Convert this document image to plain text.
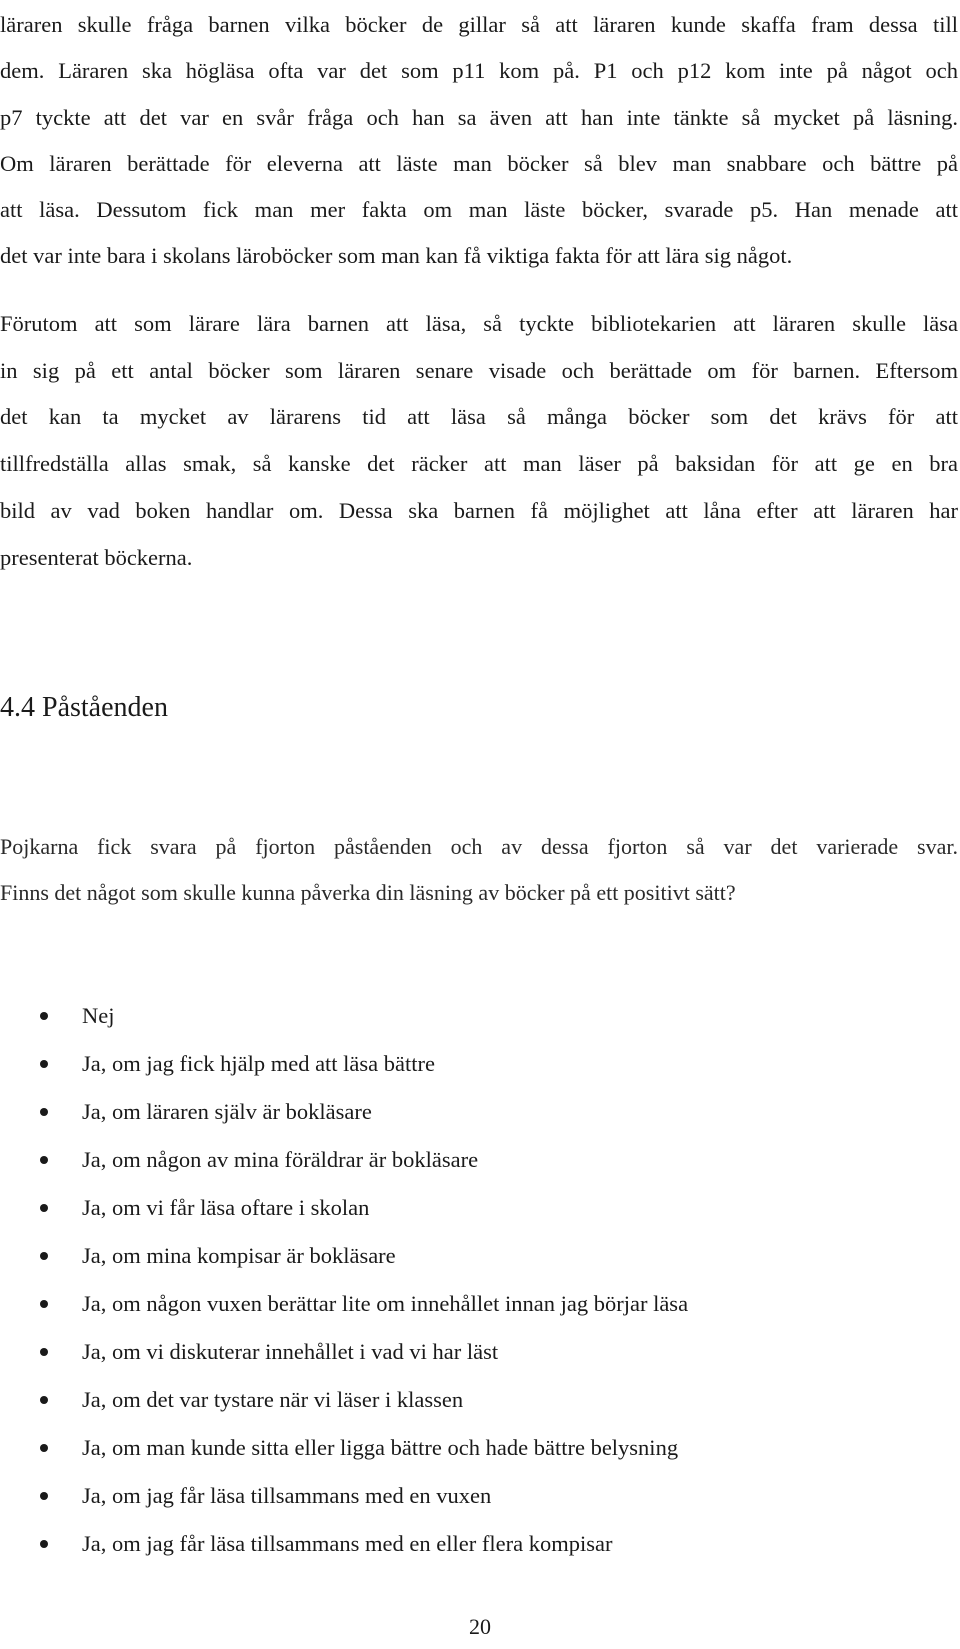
läraren skulle fråga barnen vilka böcker de gillar så att läraren kunde skaffa fram dessa till
dem. Läraren ska högläsa ofta var det som p11 kom på. P1 och p12 kom inte på något och
p7 tyckte att det var en svår fråga och han sa även att han inte tänkte så mycket på läsning.
Om läraren berättade för eleverna att läste man böcker så blev man snabbare och bättre på
att läsa. Dessutom fick man mer fakta om man läste böcker, svarade p5. Han menade att
det var inte bara i skolans läroböcker som man kan få viktiga fakta för att lära sig något.

Förutom att som lärare lära barnen att läsa, så tyckte bibliotekarien att läraren skulle läsa
in sig på ett antal böcker som läraren senare visade och berättade om för barnen. Eftersom
det kan ta mycket av lärarens tid att läsa så många böcker som det krävs för att
tillfredställa allas smak, så kanske det räcker att man läser på baksidan för att ge en bra
bild av vad boken handlar om. Dessa ska barnen få möjlighet att låna efter att läraren har
presenterat böckerna.

4.4 Påståenden

Pojkarna fick svara på fjorton påståenden och av dessa fjorton så var det varierade svar.
Finns det något som skulle kunna påverka din läsning av böcker på ett positivt sätt?

Nej
Ja, om jag fick hjälp med att läsa bättre
Ja, om läraren själv är bokläsare
Ja, om någon av mina föräldrar är bokläsare
Ja, om vi får läsa oftare i skolan
Ja, om mina kompisar är bokläsare
Ja, om någon vuxen berättar lite om innehållet innan jag börjar läsa
Ja, om vi diskuterar innehållet i vad vi har läst
Ja, om det var tystare när vi läser i klassen
Ja, om man kunde sitta eller ligga bättre och hade bättre belysning
Ja, om jag får läsa tillsammans med en vuxen
Ja, om jag får läsa tillsammans med en eller flera kompisar
20
